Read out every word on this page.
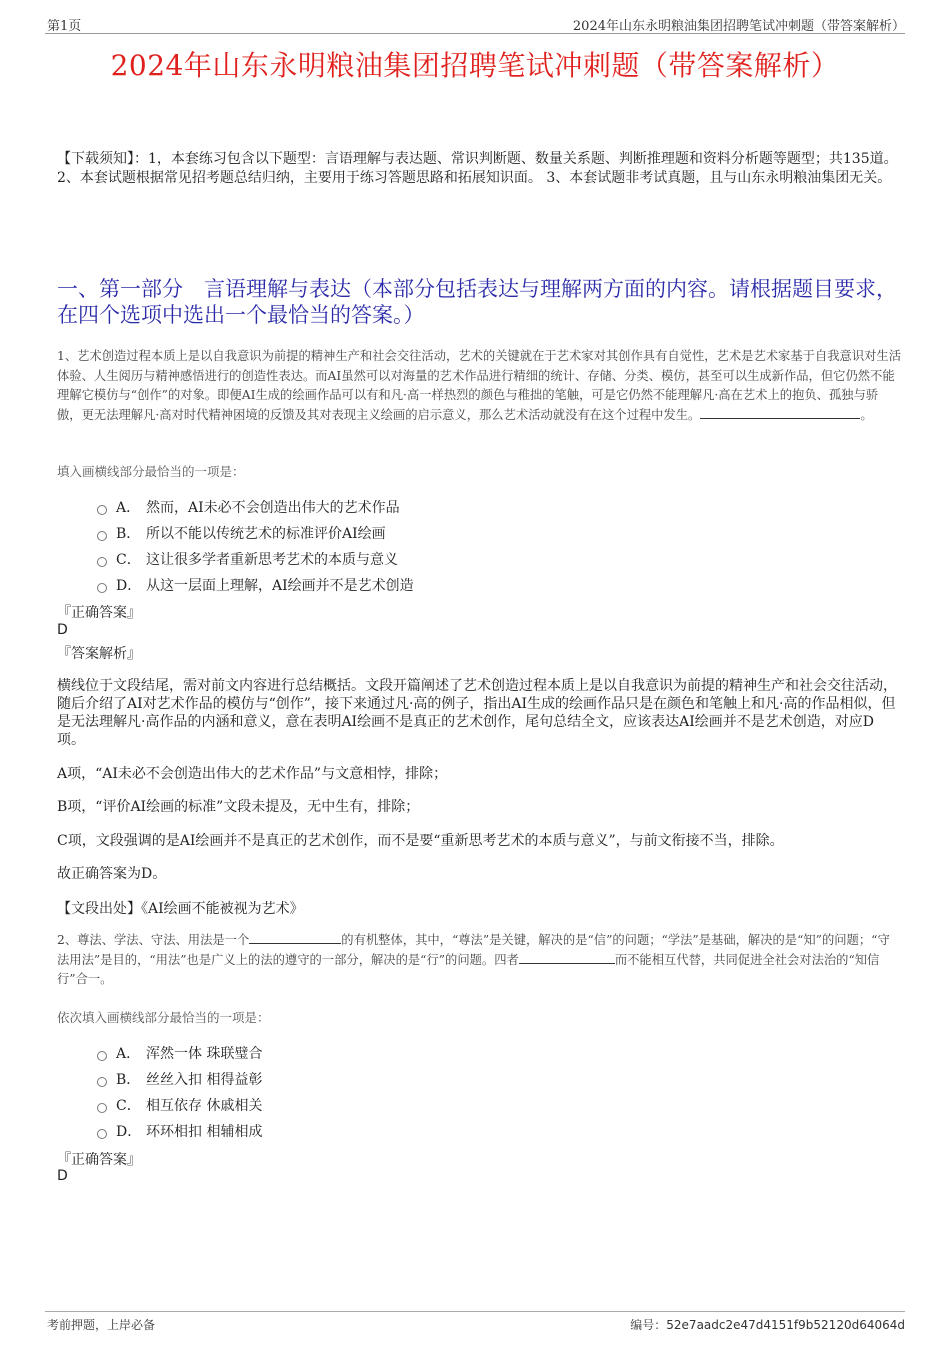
第1页	2024年山东永明粮油集团招聘笔试冲刺题（带答案解析）
2024年山东永明粮油集团招聘笔试冲刺题（带答案解析）
【下载须知】：1，本套练习包含以下题型：言语理解与表达题、常识判断题、数量关系题、判断推理题和资料分析题等题型；共135道。 2、本套试题根据常见招考题总结归纳，主要用于练习答题思路和拓展知识面。 3、本套试题非考试真题，且与山东永明粮油集团无关。
一、第一部分　言语理解与表达（本部分包括表达与理解两方面的内容。请根据题目要求，在四个选项中选出一个最恰当的答案。）
1、艺术创造过程本质上是以自我意识为前提的精神生产和社会交往活动，艺术的关键就在于艺术家对其创作具有自觉性，艺术是艺术家基于自我意识对生活体验、人生阅历与精神感悟进行的创造性表达。而AI虽然可以对海量的艺术作品进行精细的统计、存储、分类、模仿，甚至可以生成新作品，但它仍然不能理解它模仿与“创作”的对象。即便AI生成的绘画作品可以有和凡·高一样热烈的颜色与稚拙的笔触，可是它仍然不能理解凡·高在艺术上的抱负、孤独与骄傲，更无法理解凡·高对时代精神困境的反馈及其对表现主义绘画的启示意义，那么艺术活动就没有在这个过程中发生。	。
填入画横线部分最恰当的一项是：
A． 然而，AI未必不会创造出伟大的艺术作品
B． 所以不能以传统艺术的标准评价AI绘画
C． 这让很多学者重新思考艺术的本质与意义
D． 从这一层面上理解，AI绘画并不是艺术创造
『正确答案』
D
『答案解析』
横线位于文段结尾，需对前文内容进行总结概括。文段开篇阐述了艺术创造过程本质上是以自我意识为前提的精神生产和社会交往活动，随后介绍了AI对艺术作品的模仿与“创作”，接下来通过凡·高的例子，指出AI生成的绘画作品只是在颜色和笔触上和凡·高的作品相似，但是无法理解凡·高作品的内涵和意义，意在表明AI绘画不是真正的艺术创作，尾句总结全文，应该表达AI绘画并不是艺术创造，对应D项。
A项，“AI未必不会创造出伟大的艺术作品”与文意相悖，排除；
B项，“评价AI绘画的标准”文段未提及，无中生有，排除；
C项，文段强调的是AI绘画并不是真正的艺术创作，而不是要“重新思考艺术的本质与意义”，与前文衔接不当，排除。
故正确答案为D。
【文段出处】《AI绘画不能被视为艺术》
2、尊法、学法、守法、用法是一个	的有机整体，其中，“尊法”是关键，解决的是“信”的问题；“学法”是基础，解决的是“知”的问题；“守法用法”是目的，“用法”也是广义上的法的遵守的一部分，解决的是“行”的问题。四者	而不能相互代替，共同促进全社会对法治的“知信行”合一。
依次填入画横线部分最恰当的一项是：
A． 浑然一体 珠联璧合
B． 丝丝入扣 相得益彰
C． 相互依存 休戚相关
D． 环环相扣 相辅相成
『正确答案』
D
考前押题，上岸必备	编号：52e7aadc2e47d4151f9b52120d64064d
